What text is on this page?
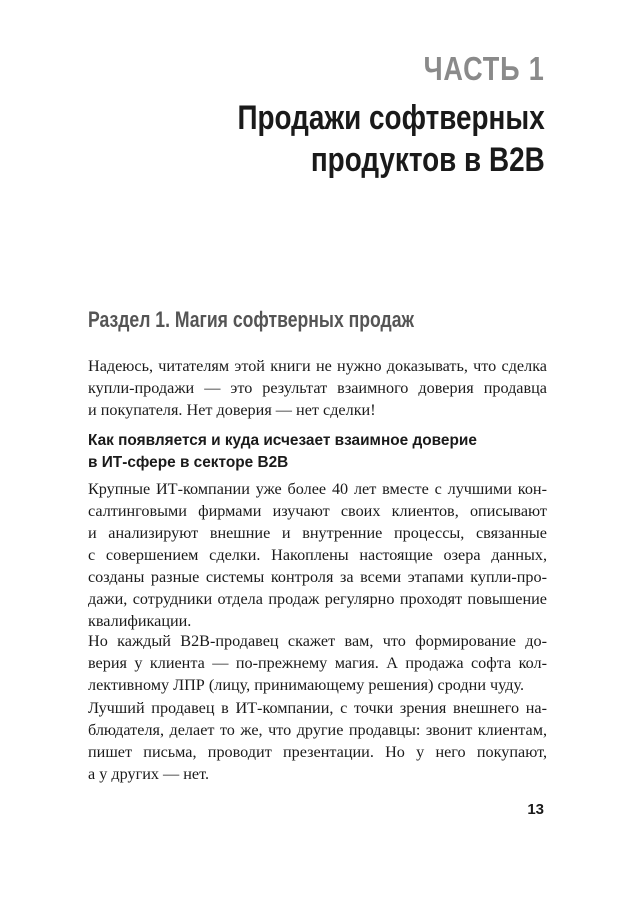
ЧАСТЬ 1
Продажи софтверных
продуктов в B2B
Раздел 1. Магия софтверных продаж

Надеюсь, читателям этой книги не нужно доказывать, что сделка
купли-продажи — это результат взаимного доверия продавца
и покупателя. Нет доверия — нет сделки!

Как появляется и куда исчезает взаимное доверие
в ИТ-сфере в секторе B2B

Крупные ИТ-компании уже более 40 лет вместе с лучшими кон-
салтинговыми фирмами изучают своих клиентов, описывают
и анализируют внешние и внутренние процессы, связанные
с совершением сделки. Накоплены настоящие озера данных,
созданы разные системы контроля за всеми этапами купли-про-
дажи, сотрудники отдела продаж регулярно проходят повышение
квалификации.

Но каждый B2B-продавец скажет вам, что формирование до-
верия у клиента — по-прежнему магия. А продажа софта кол-
лективному ЛПР (лицу, принимающему решения) сродни чуду.

Лучший продавец в ИТ-компании, с точки зрения внешнего на-
блюдателя, делает то же, что другие продавцы: звонит клиентам,
пишет письма, проводит презентации. Но у него покупают,
а у других — нет.

13
